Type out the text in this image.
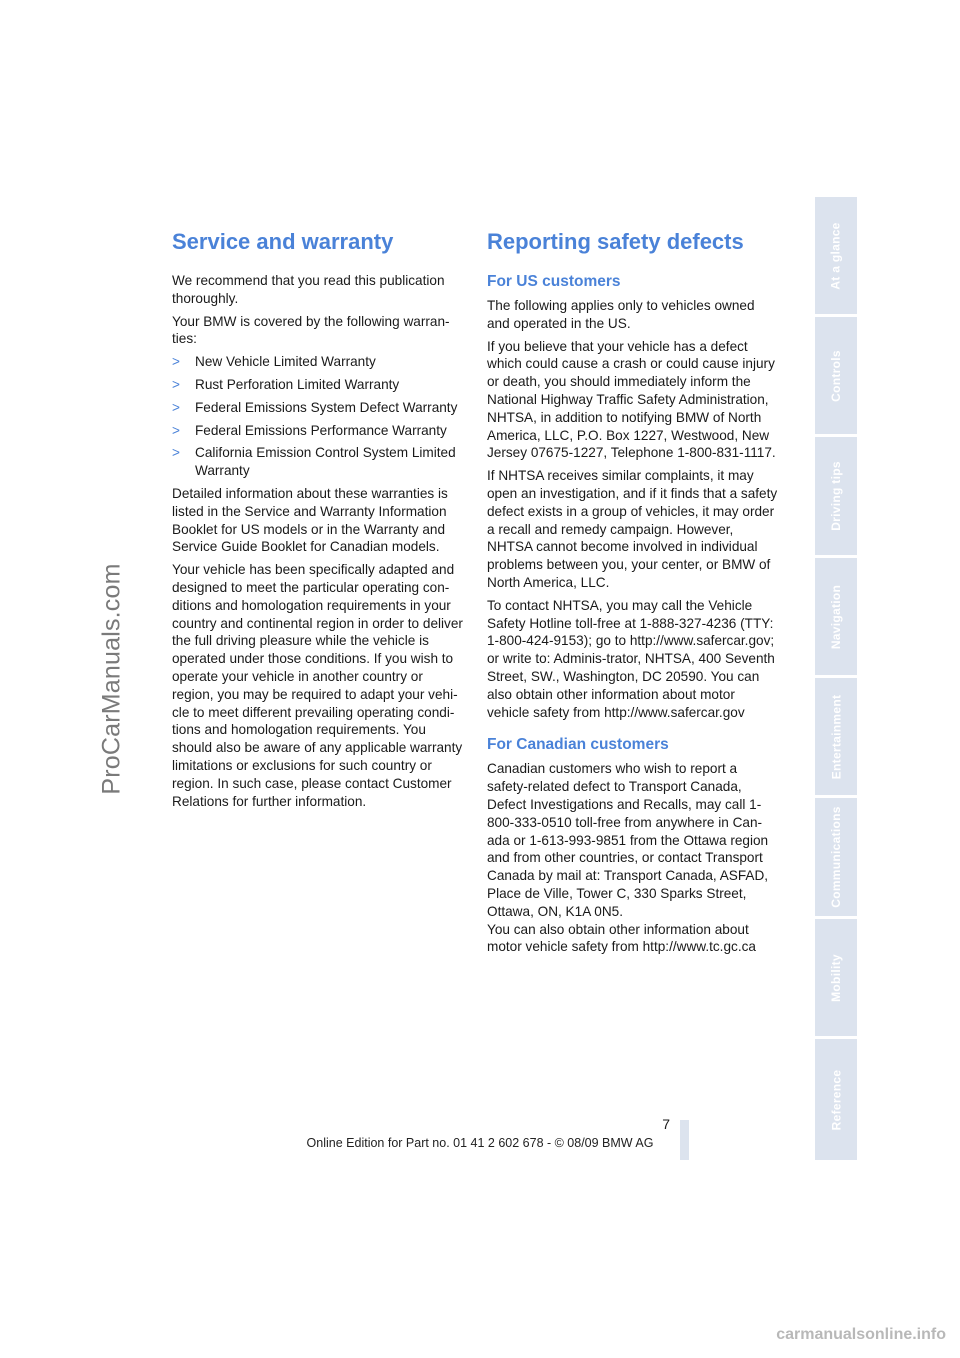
ProCarManuals.com
Service and warranty

We recommend that you read this publication thoroughly.

Your BMW is covered by the following warran-ties:

> New Vehicle Limited Warranty
> Rust Perforation Limited Warranty
> Federal Emissions System Defect Warranty
> Federal Emissions Performance Warranty
> California Emission Control System Limited Warranty

Detailed information about these warranties is listed in the Service and Warranty Information Booklet for US models or in the Warranty and Service Guide Booklet for Canadian models.

Your vehicle has been specifically adapted and designed to meet the particular operating con-ditions and homologation requirements in your country and continental region in order to deliver the full driving pleasure while the vehicle is operated under those conditions. If you wish to operate your vehicle in another country or region, you may be required to adapt your vehi-cle to meet different prevailing operating condi-tions and homologation requirements. You should also be aware of any applicable warranty limitations or exclusions for such country or region. In such case, please contact Customer Relations for further information.

Reporting safety defects
For US customers

The following applies only to vehicles owned and operated in the US.

If you believe that your vehicle has a defect which could cause a crash or could cause injury or death, you should immediately inform the National Highway Traffic Safety Administration, NHTSA, in addition to notifying BMW of North America, LLC, P.O. Box 1227, Westwood, New Jersey 07675-1227, Telephone 1-800-831-1117.

If NHTSA receives similar complaints, it may open an investigation, and if it finds that a safety defect exists in a group of vehicles, it may order a recall and remedy campaign. However, NHTSA cannot become involved in individual problems between you, your center, or BMW of North America, LLC.

To contact NHTSA, you may call the Vehicle Safety Hotline toll-free at 1-888-327-4236 (TTY: 1-800-424-9153); go to http://www.safercar.gov; or write to: Adminis-trator, NHTSA, 400 Seventh Street, SW., Washington, DC 20590. You can also obtain other information about motor vehicle safety from http://www.safercar.gov

For Canadian customers

Canadian customers who wish to report a safety-related defect to Transport Canada, Defect Investigations and Recalls, may call 1-800-333-0510 toll-free from anywhere in Can-ada or 1-613-993-9851 from the Ottawa region and from other countries, or contact Transport Canada by mail at: Transport Canada, ASFAD, Place de Ville, Tower C, 330 Sparks Street, Ottawa, ON, K1A 0N5.

You can also obtain other information about motor vehicle safety from http://www.tc.gc.ca

At a glance
Controls
Driving tips
Navigation
Entertainment
Communications
Mobility
Reference
7
Online Edition for Part no. 01 41 2 602 678 - © 08/09 BMW AG
carmanualsonline.info
